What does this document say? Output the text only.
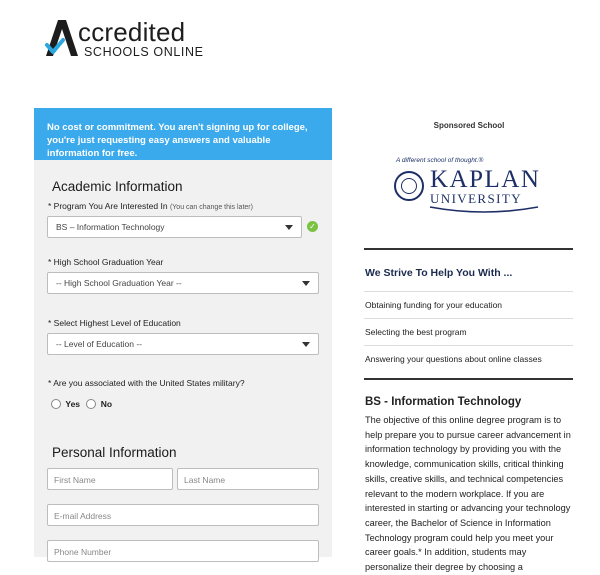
ccredited
SCHOOLS ONLINE
No cost or commitment. You aren't signing up for college, you're just requesting easy answers and valuable information for free.
Academic Information
* Program You Are Interested In (You can change this later)
BS – Information Technology	✓
* High School Graduation Year
-- High School Graduation Year --
* Select Highest Level of Education
-- Level of Education --
* Are you associated with the United States military?
Yes No
Personal Information
First Name	Last Name
E-mail Address
Phone Number
Sponsored School
A different school of thought.®
KAPLAN
UNIVERSITY
We Strive To Help You With ...
Obtaining funding for your education
Selecting the best program
Answering your questions about online classes
BS - Information Technology
The objective of this online degree program is to help prepare you to pursue career advancement in information technology by providing you with the knowledge, communication skills, critical thinking skills, creative skills, and technical competencies relevant to the modern workplace. If you are interested in starting or advancing your technology career, the Bachelor of Science in Information Technology program could help you meet your career goals.* In addition, students may personalize their degree by choosing a
